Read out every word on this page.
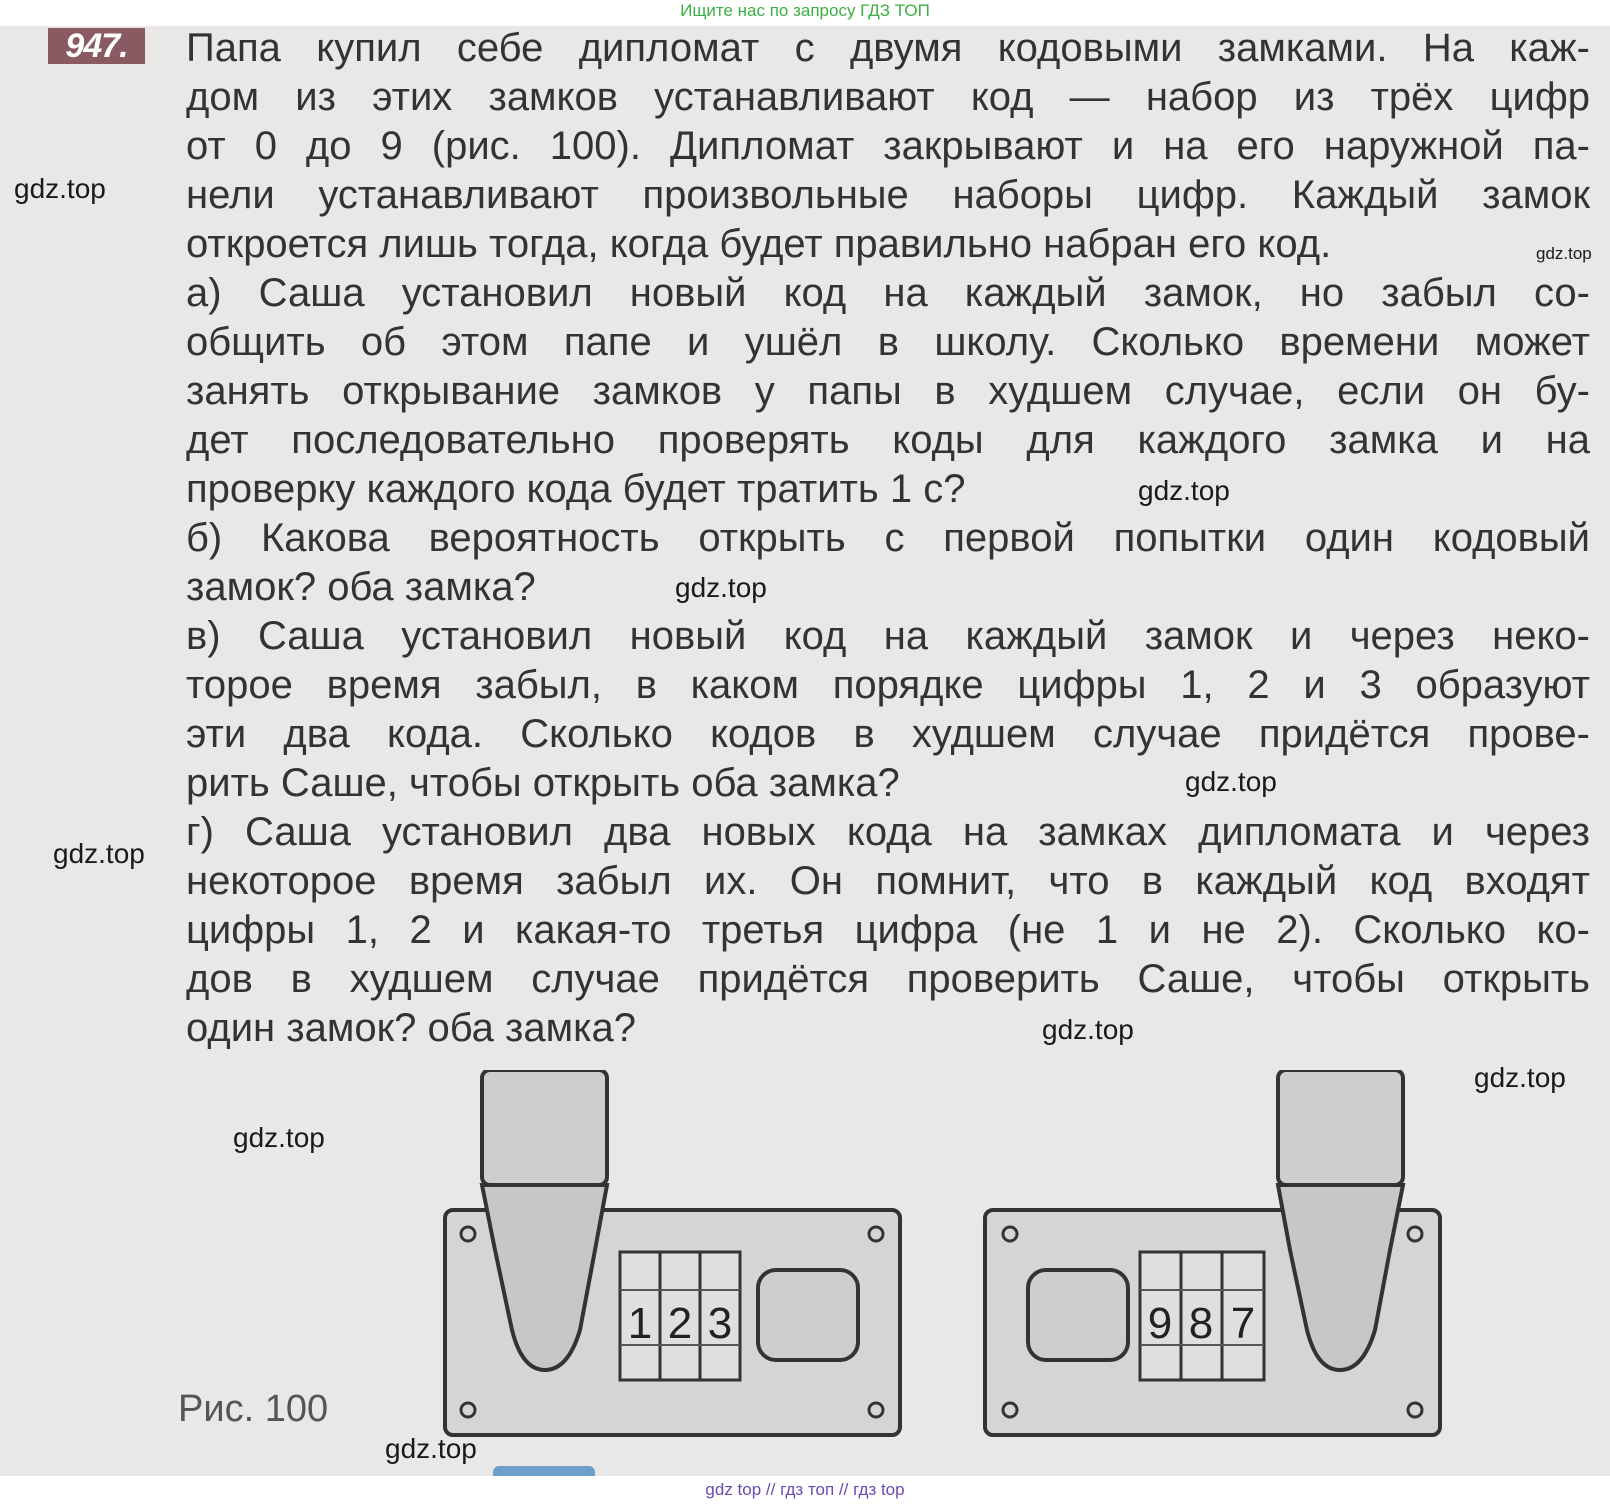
Ищите нас по запросу ГДЗ ТОП
947.	Папа купил себе дипломат с двумя кодовыми замками. На каж-
дом из этих замков устанавливают код — набор из трёх цифр
от 0 до 9 (рис. 100). Дипломат закрывают и на его наружной па-
нели устанавливают произвольные наборы цифр. Каждый замок
откроется лишь тогда, когда будет правильно набран его код.
а) Саша установил новый код на каждый замок, но забыл со-
общить об этом папе и ушёл в школу. Сколько времени может
занять открывание замков у папы в худшем случае, если он бу-
дет последовательно проверять коды для каждого замка и на
проверку каждого кода будет тратить 1 с?
б) Какова вероятность открыть с первой попытки один кодовый
замок? оба замка?
в) Саша установил новый код на каждый замок и через неко-
торое время забыл, в каком порядке цифры 1, 2 и 3 образуют
эти два кода. Сколько кодов в худшем случае придётся прове-
рить Саше, чтобы открыть оба замка?
г) Саша установил два новых кода на замках дипломата и через
некоторое время забыл их. Он помнит, что в каждый код входят
цифры 1, 2 и какая-то третья цифра (не 1 и не 2). Сколько ко-
дов в худшем случае придётся проверить Саше, чтобы открыть
один замок? оба замка?
1 2 3	9 8 7
Рис. 100
gdz.top
gdz.top
gdz.top
gdz.top
gdz.top
gdz.top
gdz.top
gdz.top
gdz.top
gdz.top
gdz top // гдз топ // гдз top
